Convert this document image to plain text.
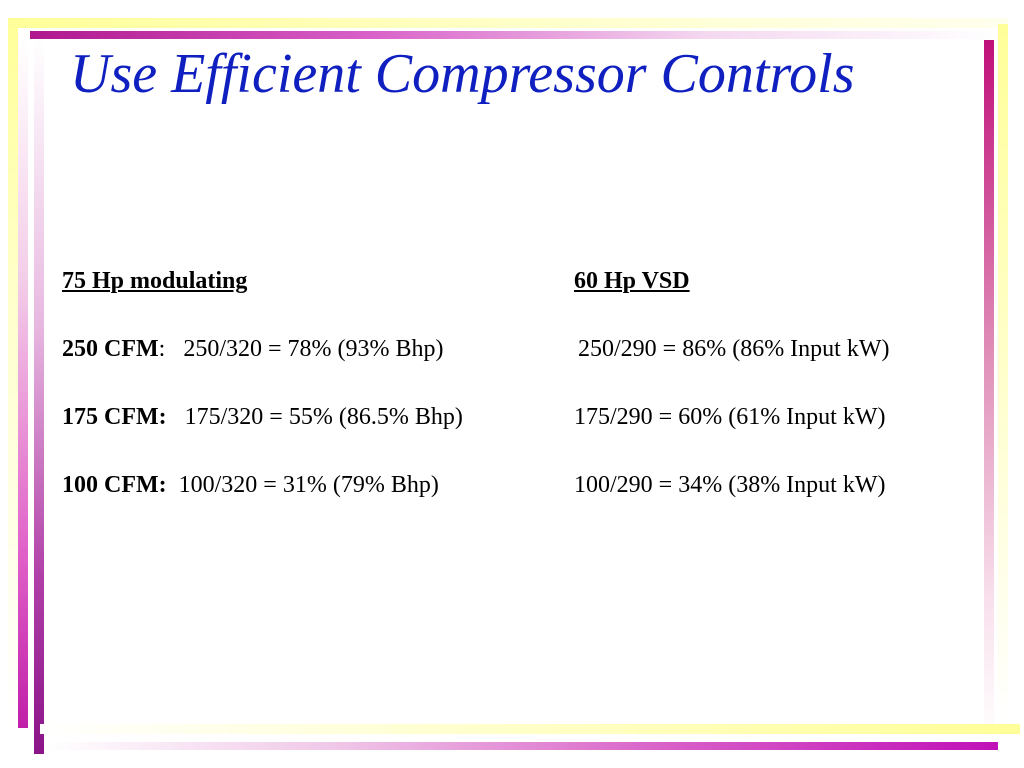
Use Efficient Compressor Controls
75 Hp modulating	60 Hp VSD
250 CFM: 250/320 = 78% (93% Bhp)	250/290 = 86% (86% Input kW)
175 CFM: 175/320 = 55% (86.5% Bhp)	175/290 = 60% (61% Input kW)
100 CFM: 100/320 = 31% (79% Bhp)	100/290 = 34% (38% Input kW)
